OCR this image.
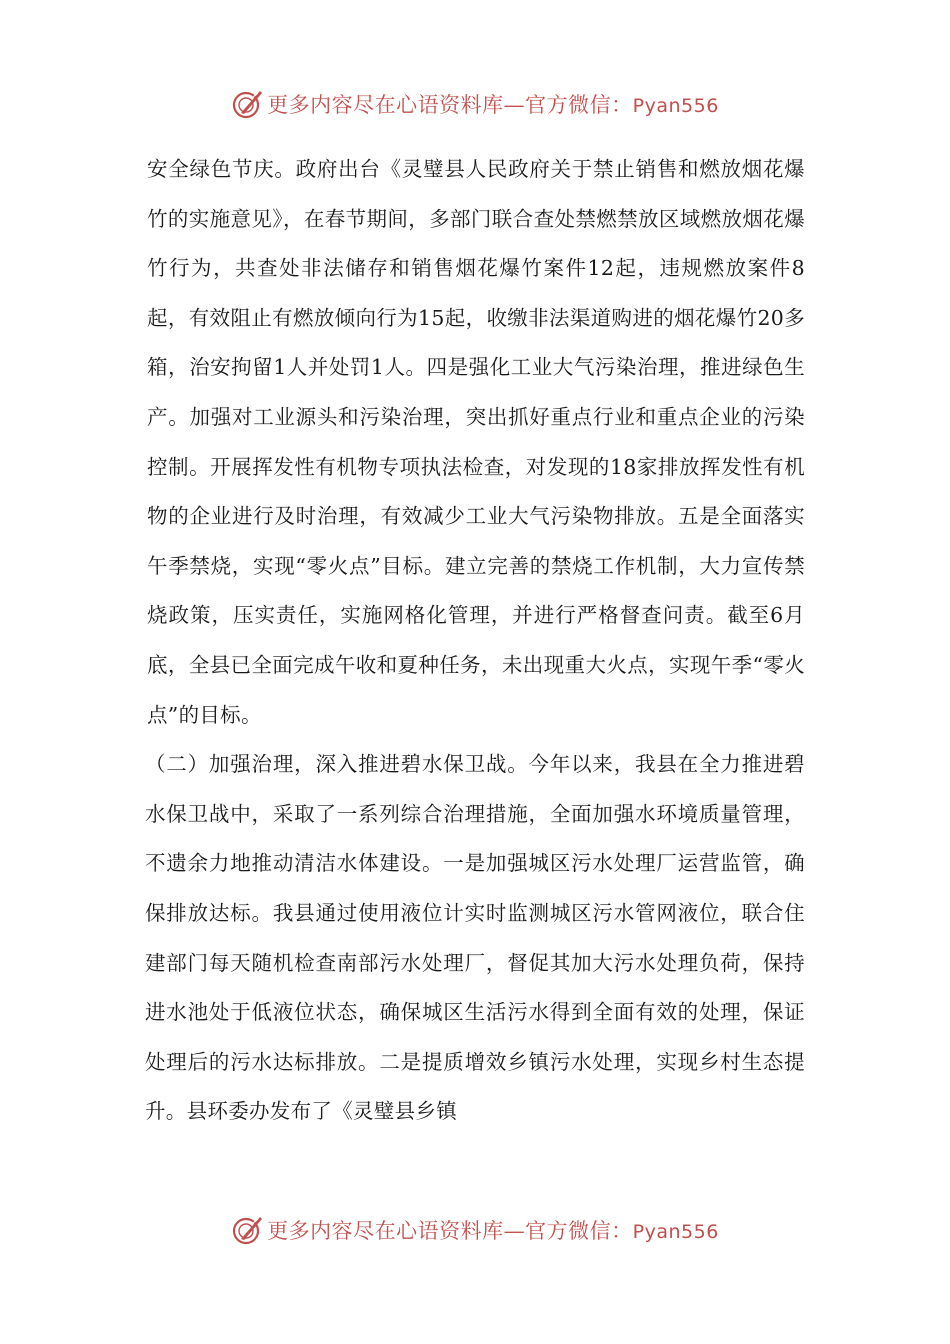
更多内容尽在心语资料库—官方微信：Pyan556

安全绿色节庆。政府出台《灵璧县人民政府关于禁止销售和燃放烟花爆竹的实施意见》，在春节期间，多部门联合查处禁燃禁放区域燃放烟花爆竹行为，共查处非法储存和销售烟花爆竹案件12起，违规燃放案件8起，有效阻止有燃放倾向行为15起，收缴非法渠道购进的烟花爆竹20多箱，治安拘留1人并处罚1人。四是强化工业大气污染治理，推进绿色生产。加强对工业源头和污染治理，突出抓好重点行业和重点企业的污染控制。开展挥发性有机物专项执法检查，对发现的18家排放挥发性有机物的企业进行及时治理，有效减少工业大气污染物排放。五是全面落实午季禁烧，实现“零火点”目标。建立完善的禁烧工作机制，大力宣传禁烧政策，压实责任，实施网格化管理，并进行严格督查问责。截至6月底，全县已全面完成午收和夏种任务，未出现重大火点，实现午季“零火点”的目标。

（二）加强治理，深入推进碧水保卫战。今年以来，我县在全力推进碧水保卫战中，采取了一系列综合治理措施，全面加强水环境质量管理，不遗余力地推动清洁水体建设。一是加强城区污水处理厂运营监管，确保排放达标。我县通过使用液位计实时监测城区污水管网液位，联合住建部门每天随机检查南部污水处理厂，督促其加大污水处理负荷，保持进水池处于低液位状态，确保城区生活污水得到全面有效的处理，保证处理后的污水达标排放。二是提质增效乡镇污水处理，实现乡村生态提升。县环委办发布了《灵璧县乡镇

更多内容尽在心语资料库—官方微信：Pyan556
